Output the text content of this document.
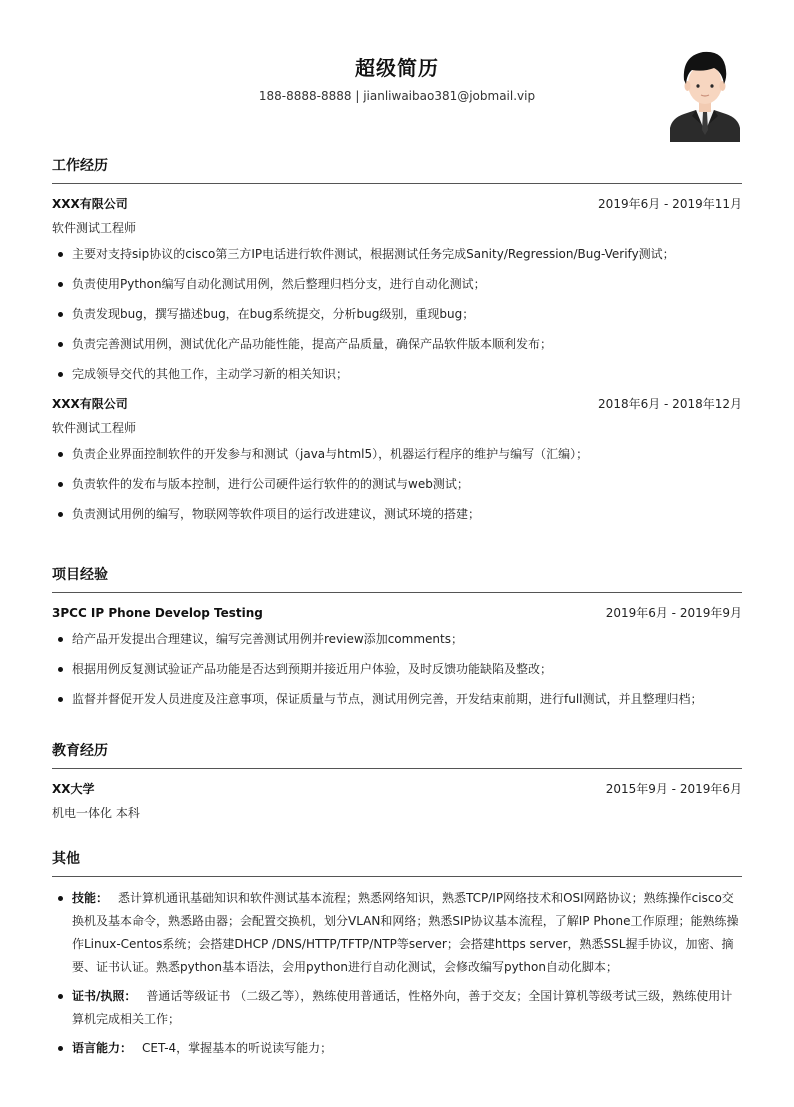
超级简历
188-8888-8888 | jianliwaibao381@jobmail.vip
工作经历
XXX有限公司	2019年6月 - 2019年11月
软件测试工程师
主要对支持sip协议的cisco第三方IP电话进行软件测试，根据测试任务完成Sanity/Regression/Bug-Verify测试；
负责使用Python编写自动化测试用例，然后整理归档分支，进行自动化测试；
负责发现bug，撰写描述bug，在bug系统提交，分析bug级别，重现bug；
负责完善测试用例，测试优化产品功能性能，提高产品质量，确保产品软件版本顺利发布；
完成领导交代的其他工作，主动学习新的相关知识；
XXX有限公司	2018年6月 - 2018年12月
软件测试工程师
负责企业界面控制软件的开发参与和测试（java与html5），机器运行程序的维护与编写（汇编）；
负责软件的发布与版本控制，进行公司硬件运行软件的的测试与web测试；
负责测试用例的编写，物联网等软件项目的运行改进建议，测试环境的搭建；
项目经验
3PCC IP Phone Develop Testing	2019年6月 - 2019年9月
给产品开发提出合理建议，编写完善测试用例并review添加comments；
根据用例反复测试验证产品功能是否达到预期并接近用户体验，及时反馈功能缺陷及整改；
监督并督促开发人员进度及注意事项，保证质量与节点，测试用例完善，开发结束前期，进行full测试，并且整理归档；
教育经历
XX大学	2015年9月 - 2019年6月
机电一体化 本科
其他
技能： 悉计算机通讯基础知识和软件测试基本流程；熟悉网络知识，熟悉TCP/IP网络技术和OSI网路协议；熟练操作cisco交换机及基本命令，熟悉路由器；会配置交换机，划分VLAN和网络；熟悉SIP协议基本流程，了解IP Phone工作原理；能熟练操作Linux-Centos系统；会搭建DHCP /DNS/HTTP/TFTP/NTP等server；会搭建https server，熟悉SSL握手协议，加密、摘要、证书认证。熟悉python基本语法，会用python进行自动化测试，会修改编写python自动化脚本；
证书/执照： 普通话等级证书 （二级乙等），熟练使用普通话，性格外向，善于交友；全国计算机等级考试三级，熟练使用计算机完成相关工作；
语言能力： CET-4，掌握基本的听说读写能力；
